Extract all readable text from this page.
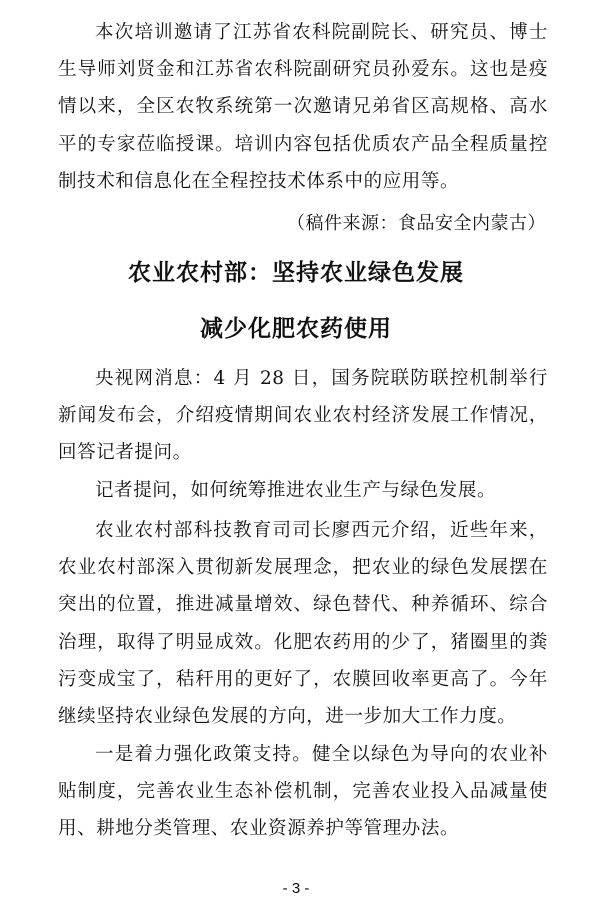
本次培训邀请了江苏省农科院副院长、研究员、博士生导师刘贤金和江苏省农科院副研究员孙爱东。这也是疫情以来，全区农牧系统第一次邀请兄弟省区高规格、高水平的专家莅临授课。培训内容包括优质农产品全程质量控制技术和信息化在全程控技术体系中的应用等。

（稿件来源：食品安全内蒙古）

农业农村部：坚持农业绿色发展
减少化肥农药使用

央视网消息：4 月 28 日，国务院联防联控机制举行新闻发布会，介绍疫情期间农业农村经济发展工作情况，回答记者提问。

记者提问，如何统筹推进农业生产与绿色发展。

农业农村部科技教育司司长廖西元介绍，近些年来，农业农村部深入贯彻新发展理念，把农业的绿色发展摆在突出的位置，推进减量增效、绿色替代、种养循环、综合治理，取得了明显成效。化肥农药用的少了，猪圈里的粪污变成宝了，秸秆用的更好了，农膜回收率更高了。今年继续坚持农业绿色发展的方向，进一步加大工作力度。

一是着力强化政策支持。健全以绿色为导向的农业补贴制度，完善农业生态补偿机制，完善农业投入品减量使用、耕地分类管理、农业资源养护等管理办法。

- 3 -
